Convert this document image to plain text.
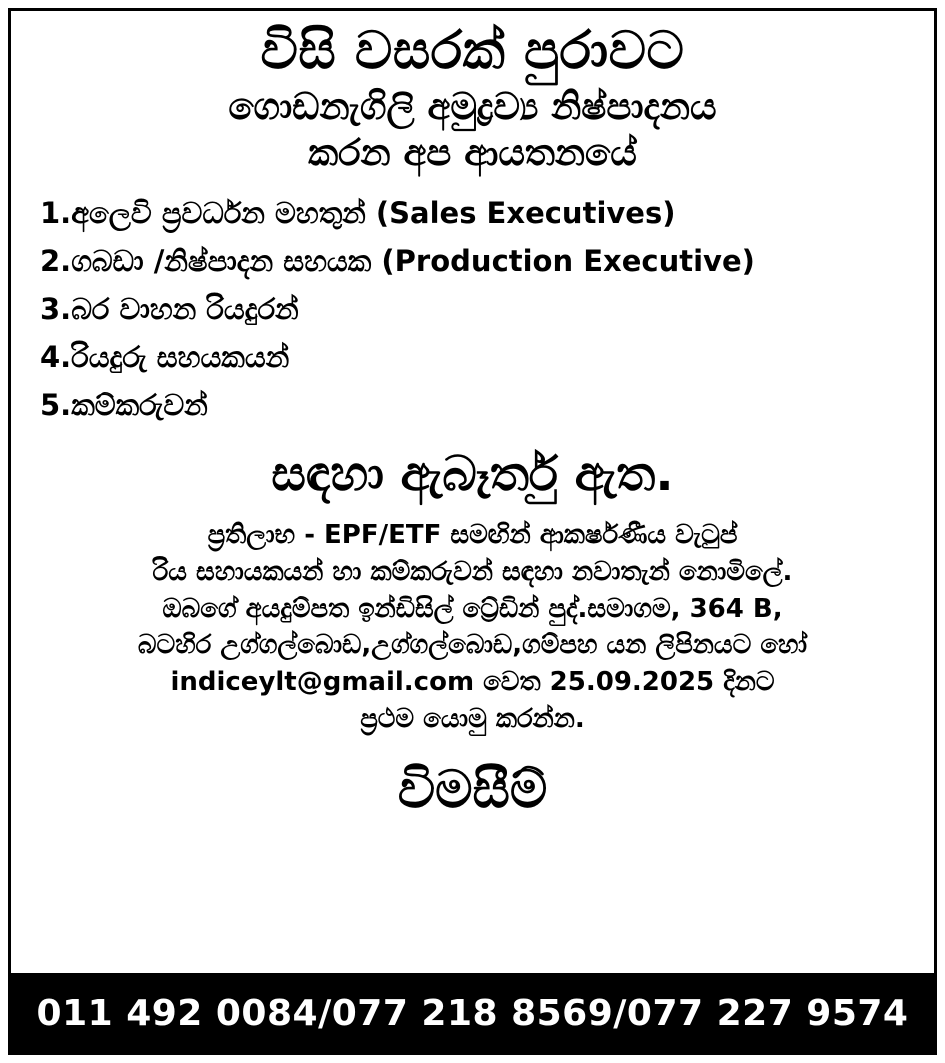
විසි වසරක් පුරාවට
ගොඩනැගිලි අමුද්‍රව්‍ය නිෂ්පාදනය
කරන අප ආයතනයේ
1.අලෙවි ප්‍රවර්ධන මහතුන් (Sales Executives)
2.ගබඩා /නිෂ්පාදන සහයක (Production Executive)
3.බර වාහන රියදුරන්
4.රියදුරු සහයකයන්
5.කම්කරුවන්
සඳහා ඇබෑර්තු ඇත.
ප්‍රතිලාභ - EPF/ETF සමඟින් ආකර්ෂණීය වැටුප්
රිය සහායකයන් හා කම්කරුවන් සඳහා නවාතැන් නොමිලේ.
ඔබගේ අයදුම්පත ඉන්ඩිසිල් ට්‍රේඩින් පුද්.සමාගම, 364 B,
බටහිර උග්ගල්බොඩ,උග්ගල්බොඩ,ගම්පහ යන ලිපිනයට හෝ
indiceylt@gmail.com වෙත 25.09.2025 දිනට
ප්‍රථම යොමු කරන්න.
විමසීම්
011 492 0084/077 218 8569/077 227 9574
